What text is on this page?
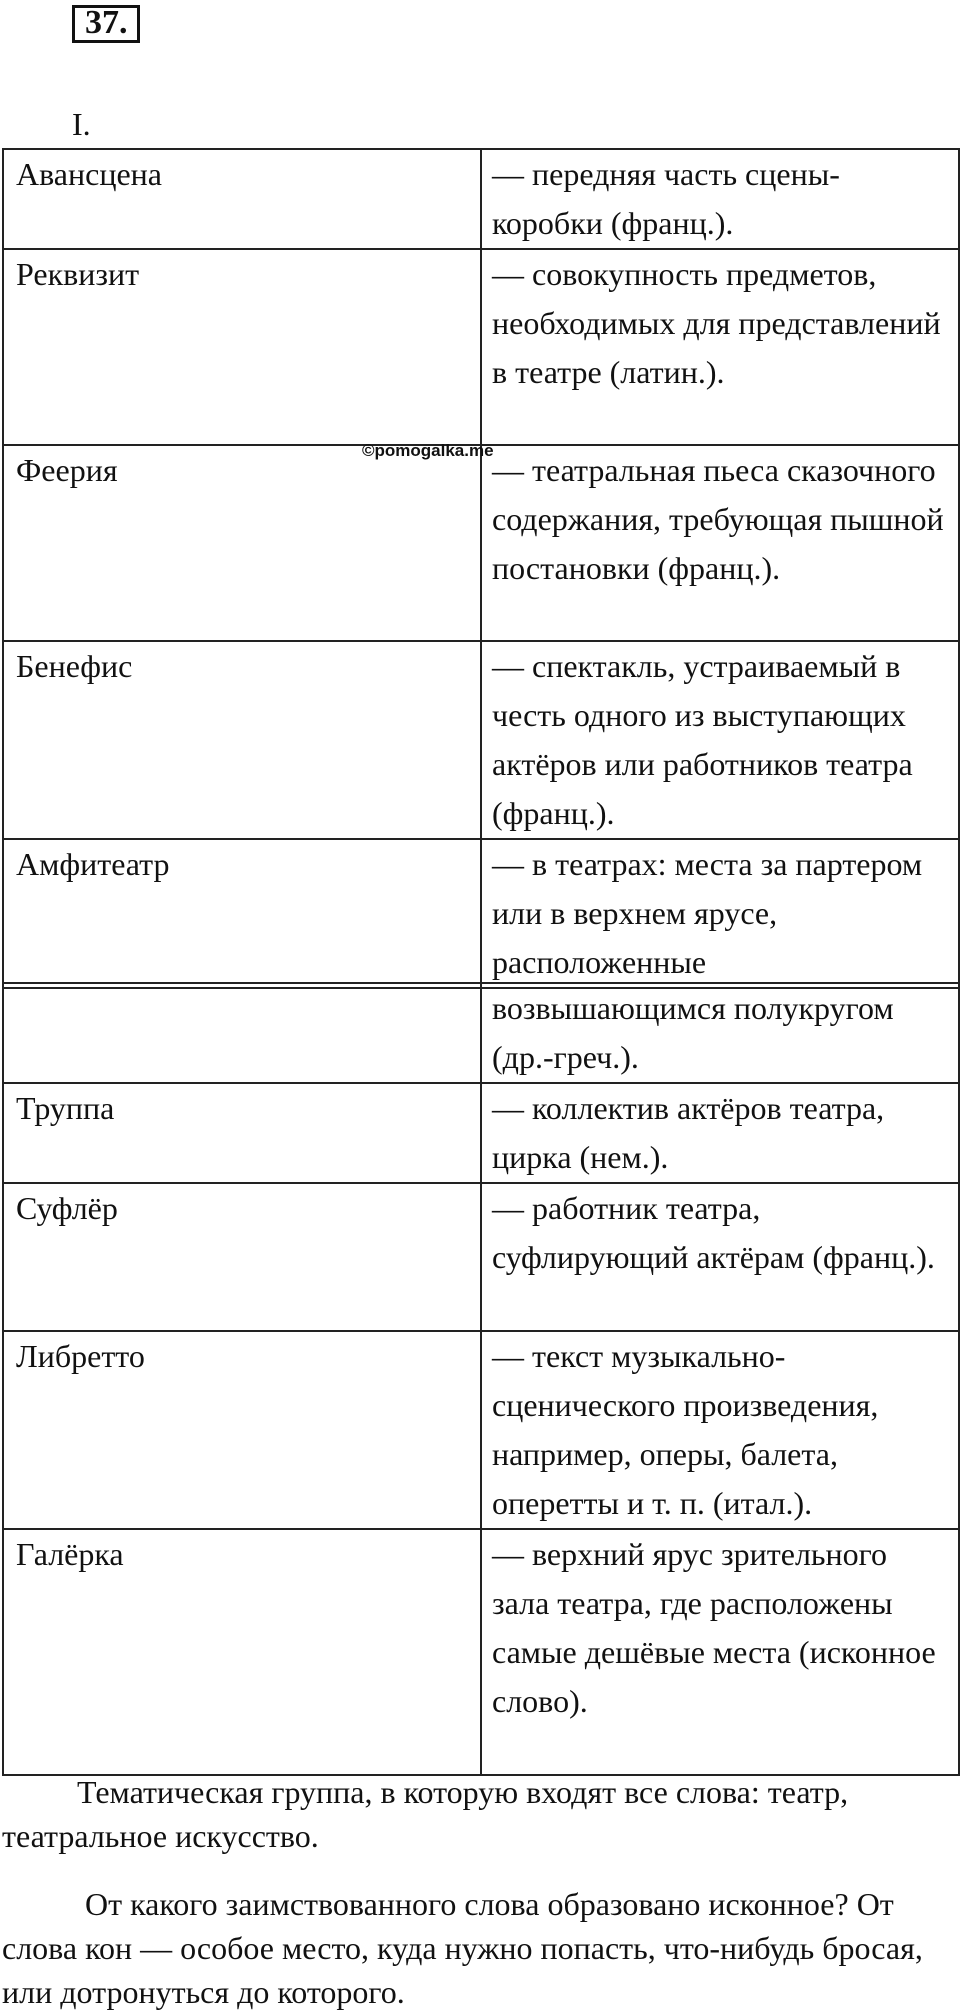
37.
I.
Авансцена	— передняя часть сцены-коробки (франц.).
Реквизит	— совокупность предметов, необходимых для представлений в театре (латин.).
Феерия	— театральная пьеса сказочного содержания, требующая пышной постановки (франц.).
Бенефис	— спектакль, устраиваемый в честь одного из выступающих актёров или работников театра (франц.).
Амфитеатр	— в театрах: места за партером или в верхнем ярусе, расположенные
	возвышающимся полукругом (др.-греч.).
Труппа	— коллектив актёров театра, цирка (нем.).
Суфлёр	— работник театра, суфлирующий актёрам (франц.).
Либретто	— текст музыкально-сценического произведения, например, оперы, балета, оперетты и т. п. (итал.).
Галёрка	— верхний ярус зрительного зала театра, где расположены самые дешёвые места (исконное слово).
©pomogalka.me

Тематическая группа, в которую входят все слова: театр, театральное искусство.

От какого заимствованного слова образовано исконное? От слова кон — особое место, куда нужно попасть, что-нибудь бросая, или дотронуться до которого.
